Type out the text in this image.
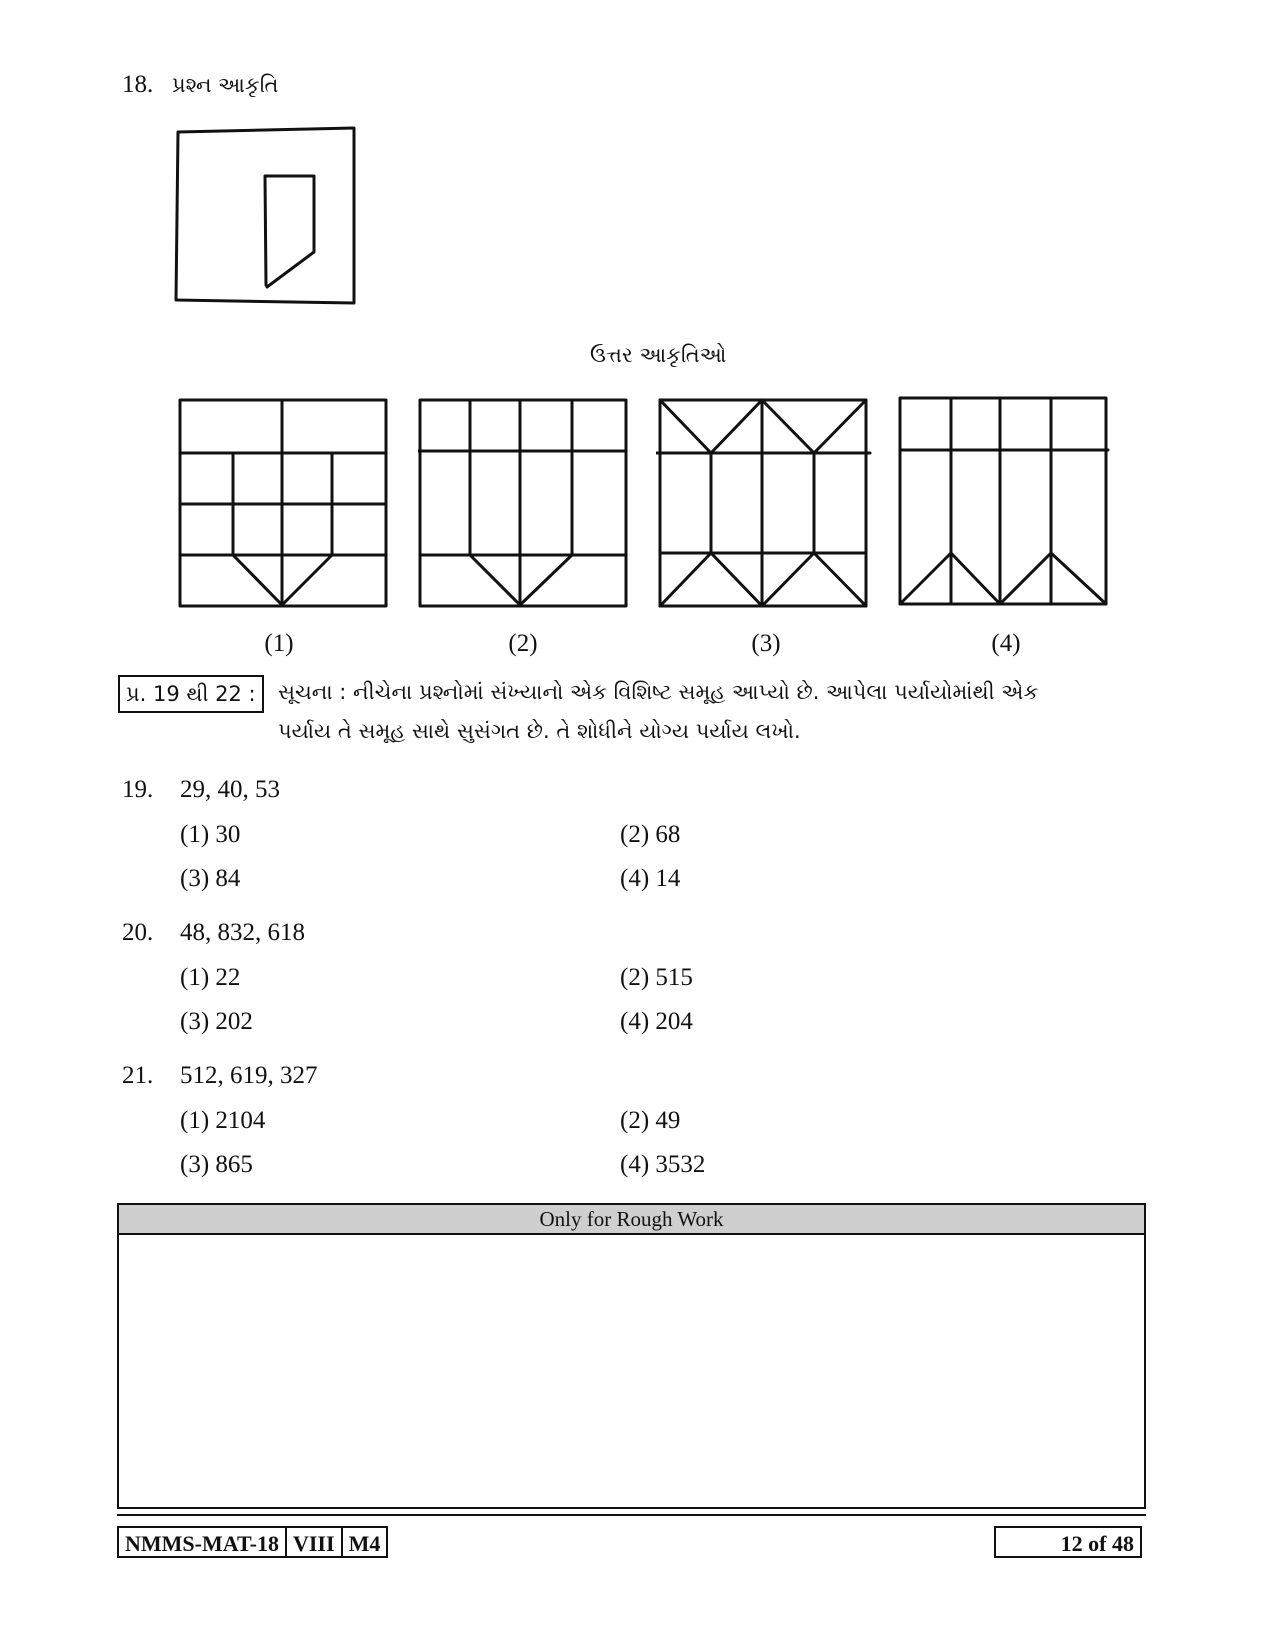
18. પ્રશ્ન આકૃતિ
ઉત્તર આકૃતિઓ
(1)	(2)	(3)	(4)
પ્ર. 19 થી 22 :	સૂચના : નીચેના પ્રશ્નોમાં સંખ્યાનો એક વિશિષ્ટ સમૂહ આપ્યો છે. આપેલા પર્યાયોમાંથી એક
પર્યાય તે સમૂહ સાથે સુસંગત છે. તે શોધીને યોગ્ય પર્યાય લખો.
19. 29, 40, 53
(1) 30	(2) 68
(3) 84	(4) 14
20. 48, 832, 618
(1) 22	(2) 515
(3) 202	(4) 204
21. 512, 619, 327
(1) 2104	(2) 49
(3) 865	(4) 3532
Only for Rough Work
NMMS-MAT-18 VIII M4	12 of 48
